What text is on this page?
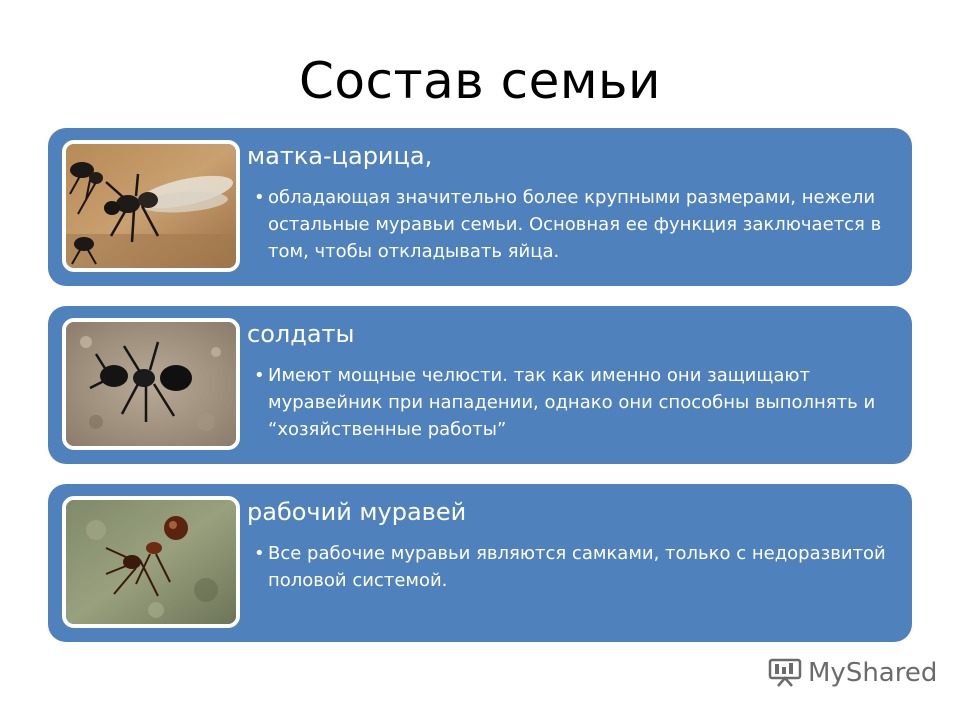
Состав семьи
матка-царица,
• обладающая значительно более крупными размерами, нежели остальные муравьи семьи. Основная ее функция заключается в том, чтобы откладывать яйца.
солдаты
• Имеют мощные челюсти. так как именно они защищают муравейник при нападении, однако они способны выполнять и “хозяйственные работы”
рабочий муравей
• Все рабочие муравьи являются самками, только с недоразвитой половой системой.
MyShared
